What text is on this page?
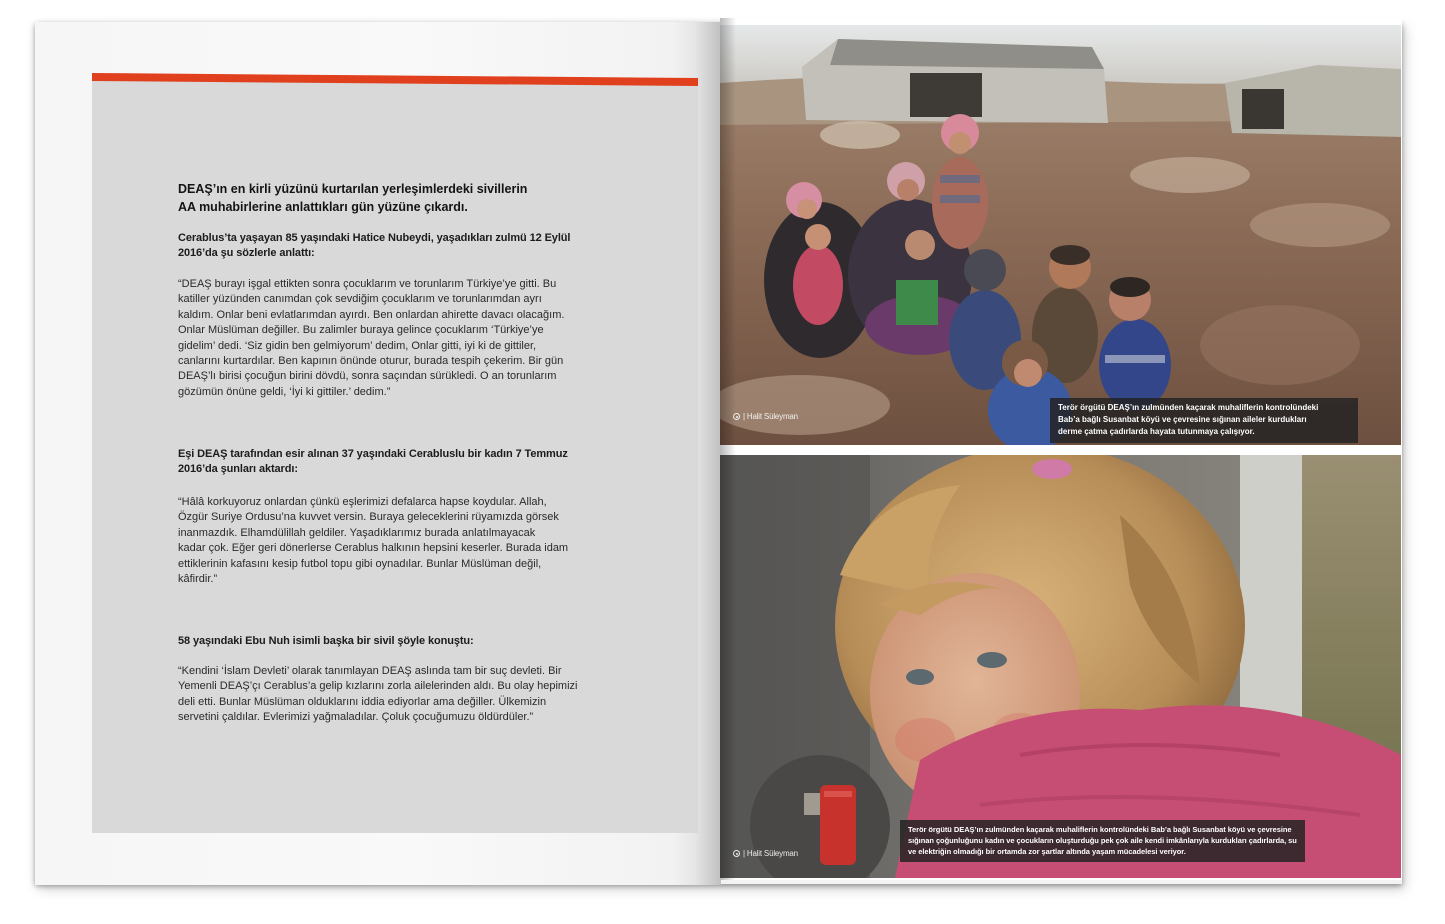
DEAŞ’ın en kirli yüzünü kurtarılan yerleşimlerdeki sivillerin
AA muhabirlerine anlattıkları gün yüzüne çıkardı.
Cerablus’ta yaşayan 85 yaşındaki Hatice Nubeydi, yaşadıkları zulmü 12 Eylül
2016’da şu sözlerle anlattı:
“DEAŞ burayı işgal ettikten sonra çocuklarım ve torunlarım Türkiye’ye gitti. Bu
katiller yüzünden canımdan çok sevdiğim çocuklarım ve torunlarımdan ayrı
kaldım. Onlar beni evlatlarımdan ayırdı. Ben onlardan ahirette davacı olacağım.
Onlar Müslüman değiller. Bu zalimler buraya gelince çocuklarım ‘Türkiye’ye
gidelim’ dedi. ‘Siz gidin ben gelmiyorum’ dedim, Onlar gitti, iyi ki de gittiler,
canlarını kurtardılar. Ben kapının önünde oturur, burada tespih çekerim. Bir gün
DEAŞ’lı birisi çocuğun birini dövdü, sonra saçından sürükledi. O an torunlarım
gözümün önüne geldi, ‘İyi ki gittiler.’ dedim.”
Eşi DEAŞ tarafından esir alınan 37 yaşındaki Cerabluslu bir kadın 7 Temmuz
2016’da şunları aktardı:
“Hâlâ korkuyoruz onlardan çünkü eşlerimizi defalarca hapse koydular. Allah,
Özgür Suriye Ordusu’na kuvvet versin. Buraya geleceklerini rüyamızda görsek
inanmazdık. Elhamdülillah geldiler. Yaşadıklarımız burada anlatılmayacak
kadar çok. Eğer geri dönerlerse Cerablus halkının hepsini keserler. Burada idam
ettiklerinin kafasını kesip futbol topu gibi oynadılar. Bunlar Müslüman değil,
kâfirdir.”
58 yaşındaki Ebu Nuh isimli başka bir sivil şöyle konuştu:
“Kendini ‘İslam Devleti’ olarak tanımlayan DEAŞ aslında tam bir suç devleti. Bir
Yemenli DEAŞ’çı Cerablus’a gelip kızlarını zorla ailelerinden aldı. Bu olay hepimizi
deli etti. Bunlar Müslüman olduklarını iddia ediyorlar ama değiller. Ülkemizin
servetini çaldılar. Evlerimizi yağmaladılar. Çoluk çocuğumuzu öldürdüler.”
| Halit Süleyman
Terör örgütü DEAŞ’ın zulmünden kaçarak muhaliflerin kontrolündeki
Bab’a bağlı Susanbat köyü ve çevresine sığınan aileler kurdukları
derme çatma çadırlarda hayata tutunmaya çalışıyor.
| Halit Süleyman
Terör örgütü DEAŞ’ın zulmünden kaçarak muhaliflerin kontrolündeki Bab’a bağlı Susanbat köyü ve çevresine
sığınan çoğunluğunu kadın ve çocukların oluşturduğu pek çok aile kendi imkânlarıyla kurdukları çadırlarda, su
ve elektriğin olmadığı bir ortamda zor şartlar altında yaşam mücadelesi veriyor.
